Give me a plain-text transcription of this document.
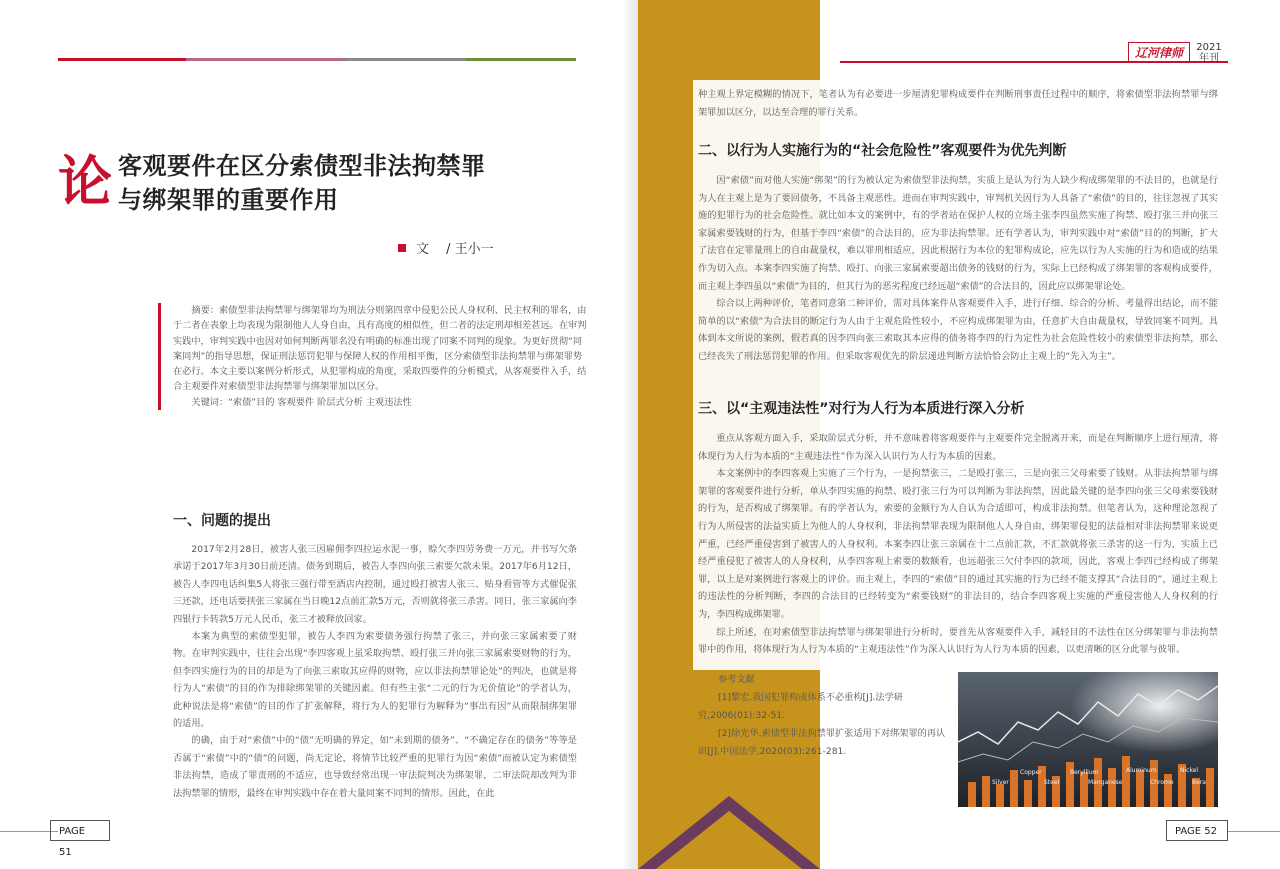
论 客观要件在区分索债型非法拘禁罪
与绑架罪的重要作用
文　 / 王小一

摘要：索债型非法拘禁罪与绑架罪均为刑法分则第四章中侵犯公民人身权利、民主权利的罪名，由于二者在表象上均表现为限制他人人身自由，具有高度的相似性，但二者的法定刑却相差甚远。在审判实践中，审判实践中也因对如何判断两罪名没有明确的标准出现了同案不同判的现象。为更好贯彻“同案同判”的指导思想，保证刑法惩罚犯罪与保障人权的作用相平衡，区分索债型非法拘禁罪与绑架罪势在必行。本文主要以案例分析形式，从犯罪构成的角度，采取四要件的分析模式，从客观要件入手，结合主观要件对索债型非法拘禁罪与绑架罪加以区分。

关键词：“索债”目的 客观要件 阶层式分析 主观违法性

一、问题的提出

2017年2月28日，被害人张三因雇佣李四拉运水泥一事，赊欠李四劳务费一万元，并书写欠条承诺于2017年3月30日前还清。债务到期后，被告人李四向张三索要欠款未果。2017年6月12日，被告人李四电话纠集5人将张三强行带至酒店内控制，通过殴打被害人张三、贴身看管等方式催促张三还款，还电话要挟张三家属在当日晚12点前汇款5万元，否则就将张三杀害。同日，张三家属向李四银行卡转款5万元人民币，张三才被释放回家。

本案为典型的索债型犯罪，被告人李四为索要债务强行拘禁了张三，并向张三家属索要了财物。在审判实践中，往往会出现“李四客观上虽采取拘禁、殴打张三并向张三家属索要财物的行为，但李四实施行为的目的却是为了向张三索取其应得的财物，应以非法拘禁罪论处”的判决，也就是将行为人“索债”的目的作为排除绑架罪的关键因素。但有些主张“二元的行为无价值论”的学者认为，此种说法是将“索债”的目的作了扩张解释，将行为人的犯罪行为解释为“事出有因”从而限制绑架罪的适用。

的确，由于对“索债”中的“债”无明确的界定，如“未到期的债务”、“不确定存在的债务”等等是否属于“索债”中的“债”的问题，尚无定论，将情节比较严重的犯罪行为因“索债”而被认定为索债型非法拘禁，造成了罪责刑的不适应，也导致经常出现一审法院判决为绑架罪，二审法院却改判为非法拘禁罪的情形，最终在审判实践中存在着大量同案不同判的情形。因此，在此

PAGE 51
辽河律师	2021
年刊

种主观上界定模糊的情况下，笔者认为有必要进一步厘清犯罪构成要件在判断刑事责任过程中的顺序，将索债型非法拘禁罪与绑架罪加以区分，以达至合理的罪行关系。

二、以行为人实施行为的“社会危险性”客观要件为优先判断

因“索债”而对他人实施“绑架”的行为被认定为索债型非法拘禁，实质上是认为行为人缺少构成绑架罪的不法目的，也就是行为人在主观上是为了要回债务，不具备主观恶性。进而在审判实践中，审判机关因行为人具备了“索债”的目的，往往忽视了其实施的犯罪行为的社会危险性。就比如本文的案例中，有的学者站在保护人权的立场主张李四虽然实施了拘禁、殴打张三并向张三家属索要钱财的行为，但基于李四“索债”的合法目的，应为非法拘禁罪。还有学者认为，审判实践中对“索债”目的的判断，扩大了法官在定罪量刑上的自由裁量权，难以罪刑相适应，因此根据行为本位的犯罪构成论，应先以行为人实施的行为和造成的结果作为切入点。本案李四实施了拘禁、殴打、向张三家属索要超出债务的钱财的行为，实际上已经构成了绑架罪的客观构成要件，而主观上李四虽以“索债”为目的，但其行为的恶劣程度已经远超“索债”的合法目的，因此应以绑架罪论处。

综合以上两种评价，笔者同意第二种评价，需对具体案件从客观要件入手，进行仔细、综合的分析、考量得出结论，而不能简单的以“索债”为合法目的断定行为人由于主观危险性较小，不应构成绑架罪为由，任意扩大自由裁量权，导致同案不同判。具体到本文所说的案例，假若真的因李四向张三索取其本应得的债务将李四的行为定性为社会危险性较小的索债型非法拘禁，那么已经丧失了刑法惩罚犯罪的作用。但采取客观优先的阶层递进判断方法恰恰会防止主观上的“先入为主”。

三、以“主观违法性”对行为人行为本质进行深入分析

重点从客观方面入手，采取阶层式分析，并不意味着将客观要件与主观要件完全脱离开来，而是在判断顺序上进行厘清，将体现行为人行为本质的“主观违法性”作为深入认识行为人行为本质的因素。

本文案例中的李四客观上实施了三个行为，一是拘禁张三，二是殴打张三，三是向张三父母索要了钱财。从非法拘禁罪与绑架罪的客观要件进行分析，单从李四实施的拘禁、殴打张三行为可以判断为非法拘禁，因此最关键的是李四向张三父母索要钱财的行为，是否构成了绑架罪。有的学者认为，索要的金额行为人自认为合适即可，构成非法拘禁。但笔者认为，这种理论忽视了行为人所侵害的法益实质上为他人的人身权利，非法拘禁罪表现为限制他人人身自由，绑架罪侵犯的法益相对非法拘禁罪来说更严重，已经严重侵害到了被害人的人身权利。本案李四让张三亲属在十二点前汇款，不汇款就将张三杀害的这一行为，实质上已经严重侵犯了被害人的人身权利，从李四客观上索要的数额看，也远超张三欠付李四的款项，因此，客观上李四已经构成了绑架罪，以上是对案例进行客观上的评价。而主观上，李四的“索债”目的通过其实施的行为已经不能支撑其“合法目的”，通过主观上的违法性的分析判断，李四的合法目的已经转变为“索要钱财”的非法目的，结合李四客观上实施的严重侵害他人人身权利的行为，李四构成绑架罪。

综上所述，在对索债型非法拘禁罪与绑架罪进行分析时，要首先从客观要件入手，减轻目的不法性在区分绑架罪与非法拘禁罪中的作用，将体现行为人行为本质的“主观违法性”作为深入认识行为人行为本质的因素，以更清晰的区分此罪与彼罪。

参考文献

[1]黎宏.我国犯罪构成体系不必重构[J].法学研究,2006(01):32-51.

[2]徐光华.索债型非法拘禁罪扩张适用下对绑架罪的再认识[J].中国法学,2020(03):261-281.

Copper	Beryllium	Aluminum	Nickel
Silver	Steel	Manganese	Chrome	Bera
PAGE 52
